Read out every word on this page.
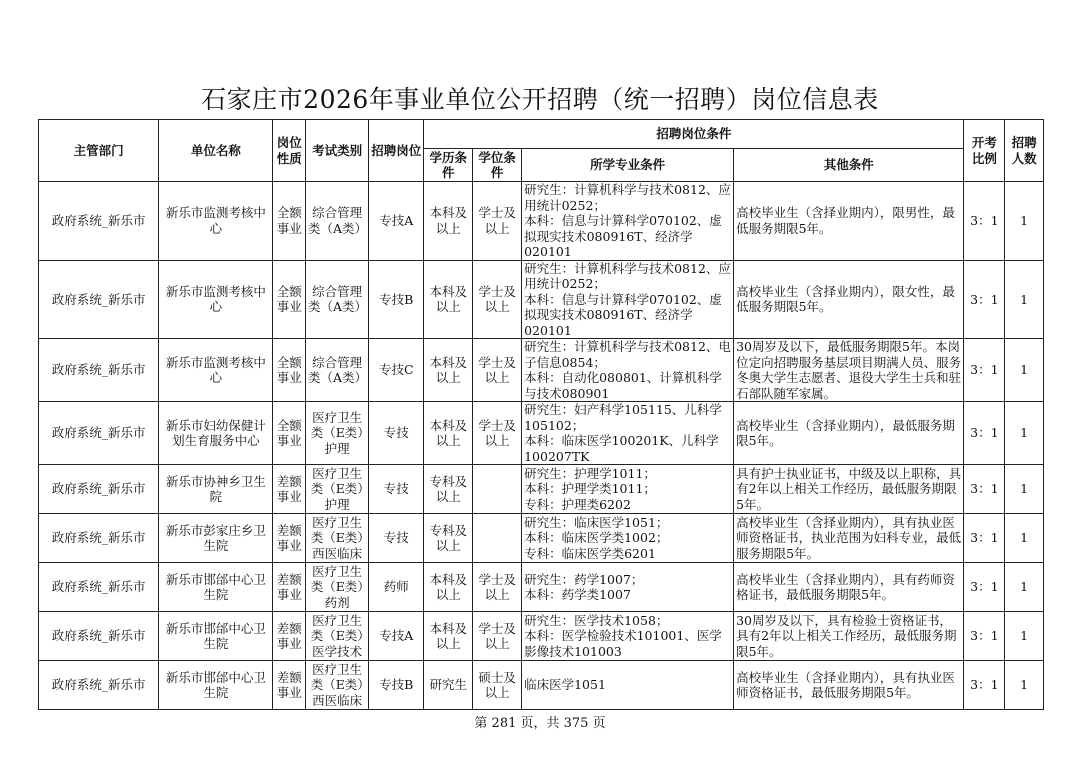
石家庄市2026年事业单位公开招聘（统一招聘）岗位信息表
主管部门	单位名称	岗位性质	考试类别	招聘岗位	招聘岗位条件				开考比例	招聘人数
					学历条件	学位条件	所学专业条件	其他条件		
政府系统_新乐市	新乐市监测考核中心	全额事业	综合管理类（A类）	专技A	本科及以上	学士及以上	研究生：计算机科学与技术0812、应用统计0252；
本科：信息与计算科学070102、虚拟现实技术080916T、经济学020101	高校毕业生（含择业期内），限男性，最低服务期限5年。	3：1	1
政府系统_新乐市	新乐市监测考核中心	全额事业	综合管理类（A类）	专技B	本科及以上	学士及以上	研究生：计算机科学与技术0812、应用统计0252；
本科：信息与计算科学070102、虚拟现实技术080916T、经济学020101	高校毕业生（含择业期内），限女性，最低服务期限5年。	3：1	1
政府系统_新乐市	新乐市监测考核中心	全额事业	综合管理类（A类）	专技C	本科及以上	学士及以上	研究生：计算机科学与技术0812、电子信息0854；
本科：自动化080801、计算机科学与技术080901	30周岁及以下，最低服务期限5年。本岗位定向招聘服务基层项目期满人员、服务冬奥大学生志愿者、退役大学生士兵和驻石部队随军家属。	3：1	1
政府系统_新乐市	新乐市妇幼保健计划生育服务中心	全额事业	医疗卫生类（E类）护理	专技	本科及以上	学士及以上	研究生：妇产科学105115、儿科学105102；
本科：临床医学100201K、儿科学100207TK	高校毕业生（含择业期内），最低服务期限5年。	3：1	1
政府系统_新乐市	新乐市协神乡卫生院	差额事业	医疗卫生类（E类）护理	专技	专科及以上		研究生：护理学1011；
本科：护理学类1011；
专科：护理类6202	具有护士执业证书，中级及以上职称，具有2年以上相关工作经历，最低服务期限5年。	3：1	1
政府系统_新乐市	新乐市彭家庄乡卫生院	差额事业	医疗卫生类（E类）西医临床	专技	专科及以上		研究生：临床医学1051；
本科：临床医学类1002；
专科：临床医学类6201	高校毕业生（含择业期内），具有执业医师资格证书，执业范围为妇科专业，最低服务期限5年。	3：1	1
政府系统_新乐市	新乐市邯邰中心卫生院	差额事业	医疗卫生类（E类）药剂	药师	本科及以上	学士及以上	研究生：药学1007；
本科：药学类1007	高校毕业生（含择业期内），具有药师资格证书，最低服务期限5年。	3：1	1
政府系统_新乐市	新乐市邯邰中心卫生院	差额事业	医疗卫生类（E类）医学技术	专技A	本科及以上	学士及以上	研究生：医学技术1058；
本科：医学检验技术101001、医学影像技术101003	30周岁及以下，具有检验士资格证书，具有2年以上相关工作经历，最低服务期限5年。	3：1	1
政府系统_新乐市	新乐市邯邰中心卫生院	差额事业	医疗卫生类（E类）西医临床	专技B	研究生	硕士及以上	临床医学1051	高校毕业生（含择业期内），具有执业医师资格证书，最低服务期限5年。	3：1	1
第 281 页，共 375 页
